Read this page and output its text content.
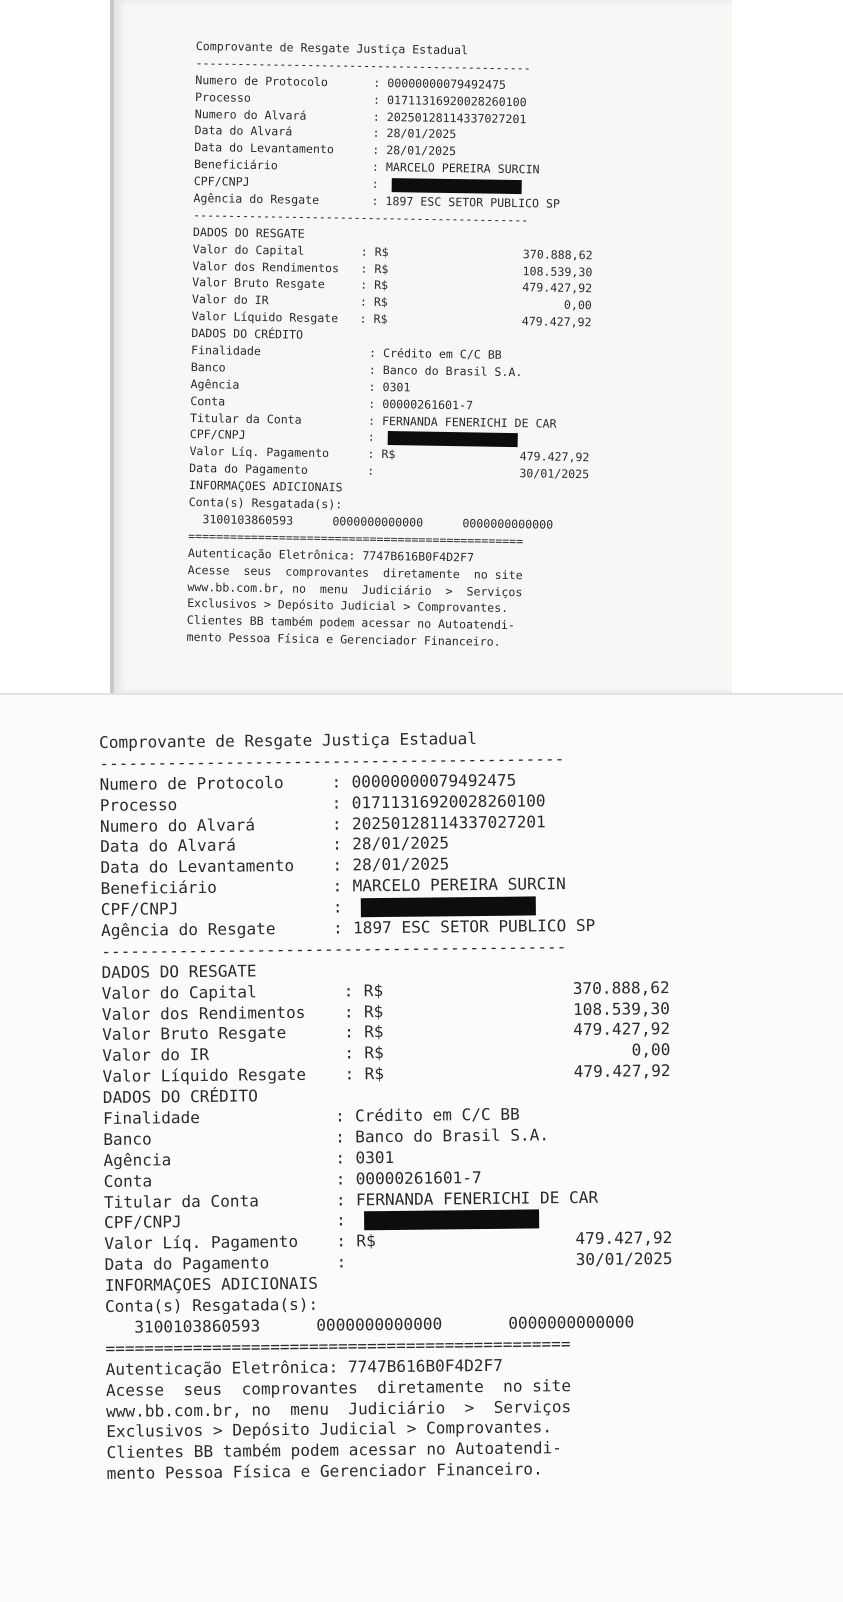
Comprovante de Resgate Justiça Estadual
------------------------------------------------
Numero de Protocolo	: 00000000079492475
Processo	: 01711316920028260100
Numero do Alvará	: 20250128114337027201
Data do Alvará	: 28/01/2025
Data do Levantamento	: 28/01/2025
Beneficiário	: MARCELO PEREIRA SURCIN
CPF/CNPJ	:
Agência do Resgate	: 1897 ESC SETOR PUBLICO SP
------------------------------------------------
DADOS DO RESGATE
Valor do Capital	: R$	370.888,62
Valor dos Rendimentos : R$	108.539,30
Valor Bruto Resgate	: R$	479.427,92
Valor do IR	: R$	0,00
Valor Líquido Resgate : R$	479.427,92
DADOS DO CRÉDITO
Finalidade	: Crédito em C/C BB
Banco	: Banco do Brasil S.A.
Agência	: 0301
Conta	: 00000261601-7
Titular da Conta	: FERNANDA FENERICHI DE CAR
CPF/CNPJ	:
Valor Líq. Pagamento	: R$	479.427,92
Data do Pagamento	:	30/01/2025
INFORMAÇOES ADICIONAIS
Conta(s) Resgatada(s):
3100103860593	0000000000000	0000000000000
================================================
Autenticação Eletrônica: 7747B616B0F4D2F7
Acesse  seus  comprovantes  diretamente  no site
www.bb.com.br, no  menu  Judiciário  >  Serviços
Exclusivos > Depósito Judicial > Comprovantes.
Clientes BB também podem acessar no Autoatendi-
mento Pessoa Física e Gerenciador Financeiro.
Comprovante de Resgate Justiça Estadual
------------------------------------------------
Numero de Protocolo	: 00000000079492475
Processo	: 01711316920028260100
Numero do Alvará	: 20250128114337027201
Data do Alvará	: 28/01/2025
Data do Levantamento : 28/01/2025
Beneficiário	: MARCELO PEREIRA SURCIN
CPF/CNPJ	:
Agência do Resgate	: 1897 ESC SETOR PUBLICO SP
------------------------------------------------
DADOS DO RESGATE
Valor do Capital	: R$	370.888,62
Valor dos Rendimentos : R$	108.539,30
Valor Bruto Resgate	: R$	479.427,92
Valor do IR	: R$	0,00
Valor Líquido Resgate : R$	479.427,92
DADOS DO CRÉDITO
Finalidade	: Crédito em C/C BB
Banco	: Banco do Brasil S.A.
Agência	: 0301
Conta	: 00000261601-7
Titular da Conta	: FERNANDA FENERICHI DE CAR
CPF/CNPJ	:
Valor Líq. Pagamento : R$	479.427,92
Data do Pagamento	:	30/01/2025
INFORMAÇOES ADICIONAIS
Conta(s) Resgatada(s):
3100103860593	0000000000000	0000000000000
================================================
Autenticação Eletrônica: 7747B616B0F4D2F7
Acesse  seus  comprovantes  diretamente  no site
www.bb.com.br, no  menu  Judiciário  >  Serviços
Exclusivos > Depósito Judicial > Comprovantes.
Clientes BB também podem acessar no Autoatendi-
mento Pessoa Física e Gerenciador Financeiro.
